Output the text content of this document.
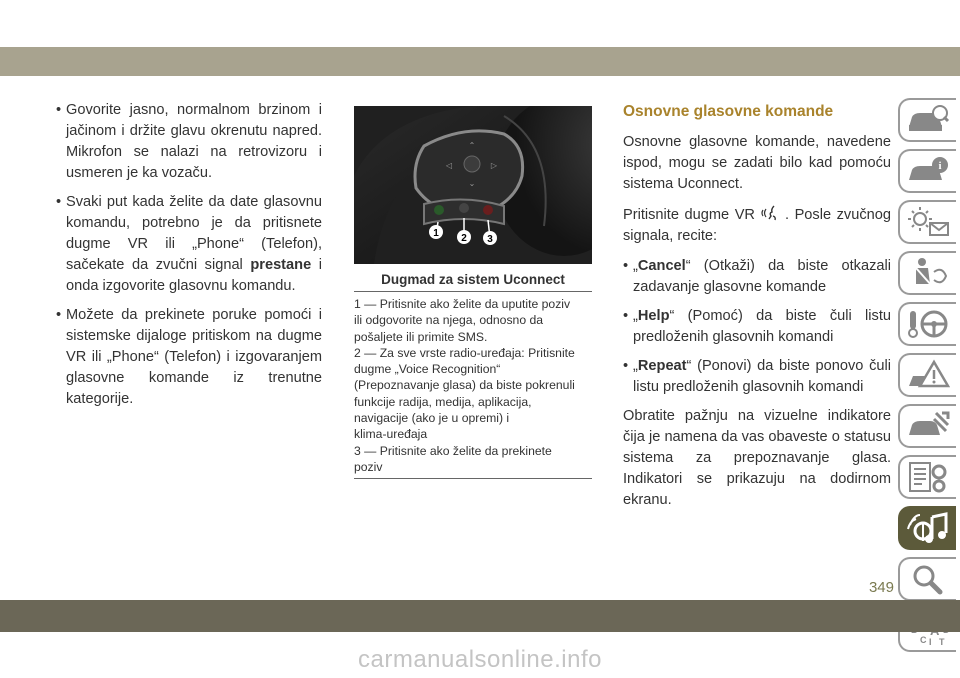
• Govorite jasno, normalnom brzinom i jačinom i držite glavu okrenutu napred. Mikrofon se nalazi na retrovizoru i usmeren je ka vozaču.
• Svaki put kada želite da date glasovnu komandu, potrebno je da pritisnete dugme VR ili „Phone“ (Telefon), sačekate da zvučni signal prestane i onda izgovorite glasovnu komandu.
• Možete da prekinete poruke pomoći i sistemske dijaloge pritiskom na dugme VR ili „Phone“ (Telefon) i izgovaranjem glasovne komande iz trenutne kategorije.
⌃
◁	▷
⌄
1 2 3
Dugmad za sistem Uconnect
1 — Pritisnite ako želite da uputite poziv
ili odgovorite na njega, odnosno da
pošaljete ili primite SMS.
2 — Za sve vrste radio-uređaja: Pritisnite
dugme „Voice Recognition“
(Prepoznavanje glasa) da biste pokrenuli
funkcije radija, medija, aplikacija,
navigacije (ako je u opremi) i
klima-uređaja
3 — Pritisnite ako želite da prekinete
poziv
Osnovne glasovne komande

Osnovne glasovne komande, navedene ispod, mogu se zadati bilo kad pomoću sistema Uconnect.

Pritisnite dugme VR . Posle zvučnog signala, recite:

• „Cancel“ (Otkaži) da biste otkazali zadavanje glasovne komande
• „Help“ (Pomoć) da biste čuli listu predloženih glasovnih komandi
• „Repeat“ (Ponovi) da biste ponovo čuli listu predloženih glasovnih komandi

Obratite pažnju na vizuelne indikatore čija je namena da vas obaveste o statusu sistema za prepoznavanje glasa. Indikatori se prikazuju na dodirnom ekranu.

i
C I T
349
carmanualsonline.info
